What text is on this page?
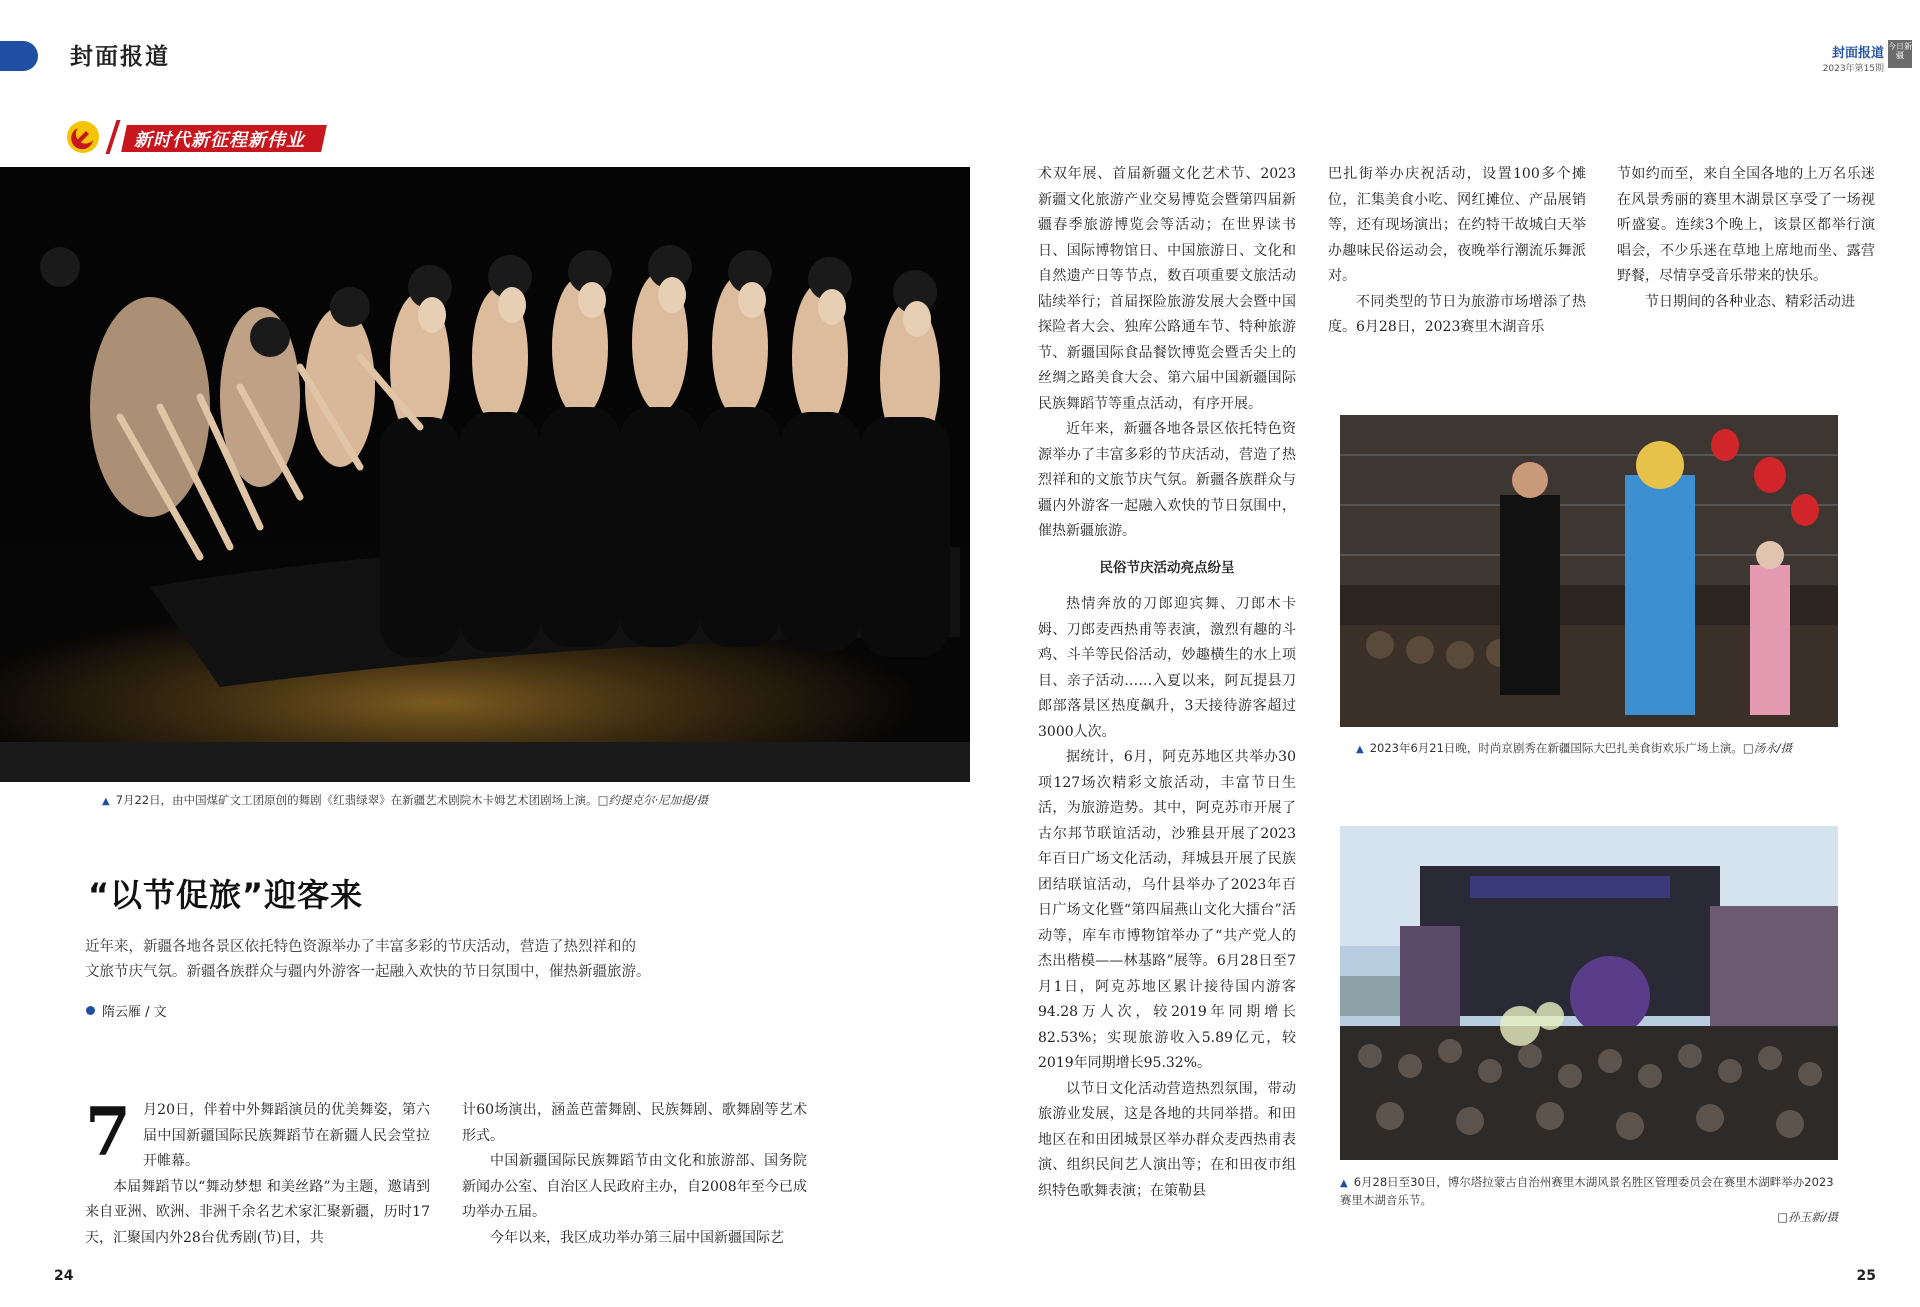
封面报道	封面报道
2023年第15期
今日新疆
新时代新征程新伟业
▲ 7月22日，由中国煤矿文工团原创的舞剧《红翡绿翠》在新疆艺术剧院木卡姆艺术团剧场上演。□约提克尔·尼加提/摄
▲ 2023年6月21日晚，时尚京剧秀在新疆国际大巴扎美食街欢乐广场上演。□汤永/摄
▲ 6月28日至30日，博尔塔拉蒙古自治州赛里木湖风景名胜区管理委员会在赛里木湖畔举办2023赛里木湖音乐节。
□孙玉新/摄
“以节促旅”迎客来
近年来，新疆各地各景区依托特色资源举办了丰富多彩的节庆活动，营造了热烈祥和的
文旅节庆气氛。新疆各族群众与疆内外游客一起融入欢快的节日氛围中，催热新疆旅游。
隋云雁 / 文
7 月20日，伴着中外舞蹈演员的优美舞姿，第六届中国新疆国际民族舞蹈节在新疆人民会堂拉开帷幕。

本届舞蹈节以“舞动梦想 和美丝路”为主题，邀请到来自亚洲、欧洲、非洲千余名艺术家汇聚新疆，历时17天，汇聚国内外28台优秀剧(节)目，共

计60场演出，涵盖芭蕾舞剧、民族舞剧、歌舞剧等艺术形式。

中国新疆国际民族舞蹈节由文化和旅游部、国务院新闻办公室、自治区人民政府主办，自2008年至今已成功举办五届。

今年以来，我区成功举办第三届中国新疆国际艺

术双年展、首届新疆文化艺术节、2023新疆文化旅游产业交易博览会暨第四届新疆春季旅游博览会等活动；在世界读书日、国际博物馆日、中国旅游日、文化和自然遗产日等节点，数百项重要文旅活动陆续举行；首届探险旅游发展大会暨中国探险者大会、独库公路通车节、特种旅游节、新疆国际食品餐饮博览会暨舌尖上的丝绸之路美食大会、第六届中国新疆国际民族舞蹈节等重点活动，有序开展。

近年来，新疆各地各景区依托特色资源举办了丰富多彩的节庆活动，营造了热烈祥和的文旅节庆气氛。新疆各族群众与疆内外游客一起融入欢快的节日氛围中，催热新疆旅游。

民俗节庆活动亮点纷呈

热情奔放的刀郎迎宾舞、刀郎木卡姆、刀郎麦西热甫等表演，激烈有趣的斗鸡、斗羊等民俗活动，妙趣横生的水上项目、亲子活动……入夏以来，阿瓦提县刀郎部落景区热度飙升，3天接待游客超过3000人次。

据统计，6月，阿克苏地区共举办30项127场次精彩文旅活动，丰富节日生活，为旅游造势。其中，阿克苏市开展了古尔邦节联谊活动，沙雅县开展了2023年百日广场文化活动，拜城县开展了民族团结联谊活动，乌什县举办了2023年百日广场文化暨“第四届燕山文化大擂台”活动等，库车市博物馆举办了“共产党人的杰出楷模——林基路”展等。6月28日至7月1日，阿克苏地区累计接待国内游客94.28万人次，较2019年同期增长82.53%；实现旅游收入5.89亿元，较2019年同期增长95.32%。

以节日文化活动营造热烈氛围，带动旅游业发展，这是各地的共同举措。和田地区在和田团城景区举办群众麦西热甫表演、组织民间艺人演出等；在和田夜市组织特色歌舞表演；在策勒县

巴扎街举办庆祝活动，设置100多个摊位，汇集美食小吃、网红摊位、产品展销等，还有现场演出；在约特干故城白天举办趣味民俗运动会，夜晚举行潮流乐舞派对。

不同类型的节日为旅游市场增添了热度。6月28日，2023赛里木湖音乐

节如约而至，来自全国各地的上万名乐迷在风景秀丽的赛里木湖景区享受了一场视听盛宴。连续3个晚上，该景区都举行演唱会，不少乐迷在草地上席地而坐、露营野餐，尽情享受音乐带来的快乐。

节日期间的各种业态、精彩活动进

24	25
